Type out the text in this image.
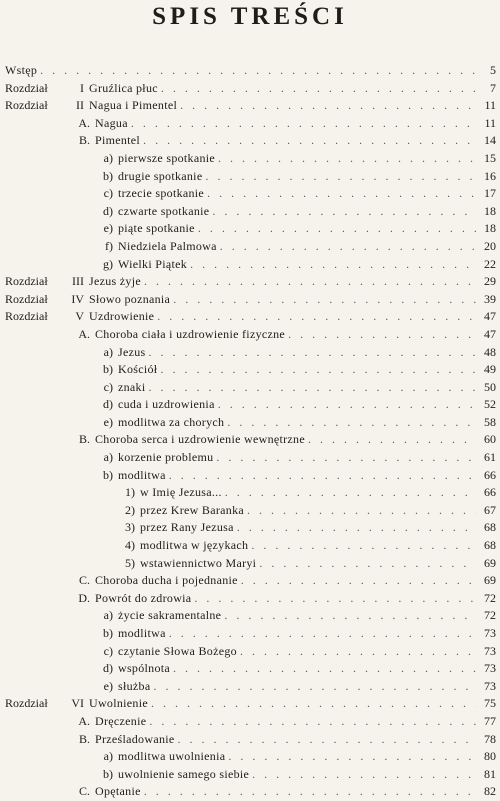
SPIS TREŚCI
Wstęp . . .	5
Rozdział	I Gruźlica płuc . . .	7
Rozdział	II Nagua i Pimentel . . .	11
A. Nagua . . .	11
B. Pimentel . . .	14
a) pierwsze spotkanie . . .	15
b) drugie spotkanie . . .	16
c) trzecie spotkanie . . .	17
d) czwarte spotkanie . . .	18
e) piąte spotkanie . . .	18
f) Niedziela Palmowa . . .	20
g) Wielki Piątek . . .	22
Rozdział	III Jezus żyje . . .	29
Rozdział	IV Słowo poznania . . .	39
Rozdział	V Uzdrowienie . . .	47
A. Choroba ciała i uzdrowienie fizyczne . . .	47
a) Jezus . . .	48
b) Kościół . . .	49
c) znaki . . .	50
d) cuda i uzdrowienia . . .	52
e) modlitwa za chorych . . .	58
B. Choroba serca i uzdrowienie wewnętrzne . . .	60
a) korzenie problemu . . .	61
b) modlitwa . . .	66
1) w Imię Jezusa... . . .	66
2) przez Krew Baranka . . .	67
3) przez Rany Jezusa . . .	68
4) modlitwa w językach . . .	68
5) wstawiennictwo Maryi . . .	69
C. Choroba ducha i pojednanie . . .	69
D. Powrót do zdrowia . . .	72
a) życie sakramentalne . . .	72
b) modlitwa . . .	73
c) czytanie Słowa Bożego . . .	73
d) wspólnota . . .	73
e) służba . . .	73
Rozdział	VI Uwolnienie . . .	75
A. Dręczenie . . .	77
B. Prześladowanie . . .	78
a) modlitwa uwolnienia . . .	80
b) uwolnienie samego siebie . . .	81
C. Opętanie . . .	82
